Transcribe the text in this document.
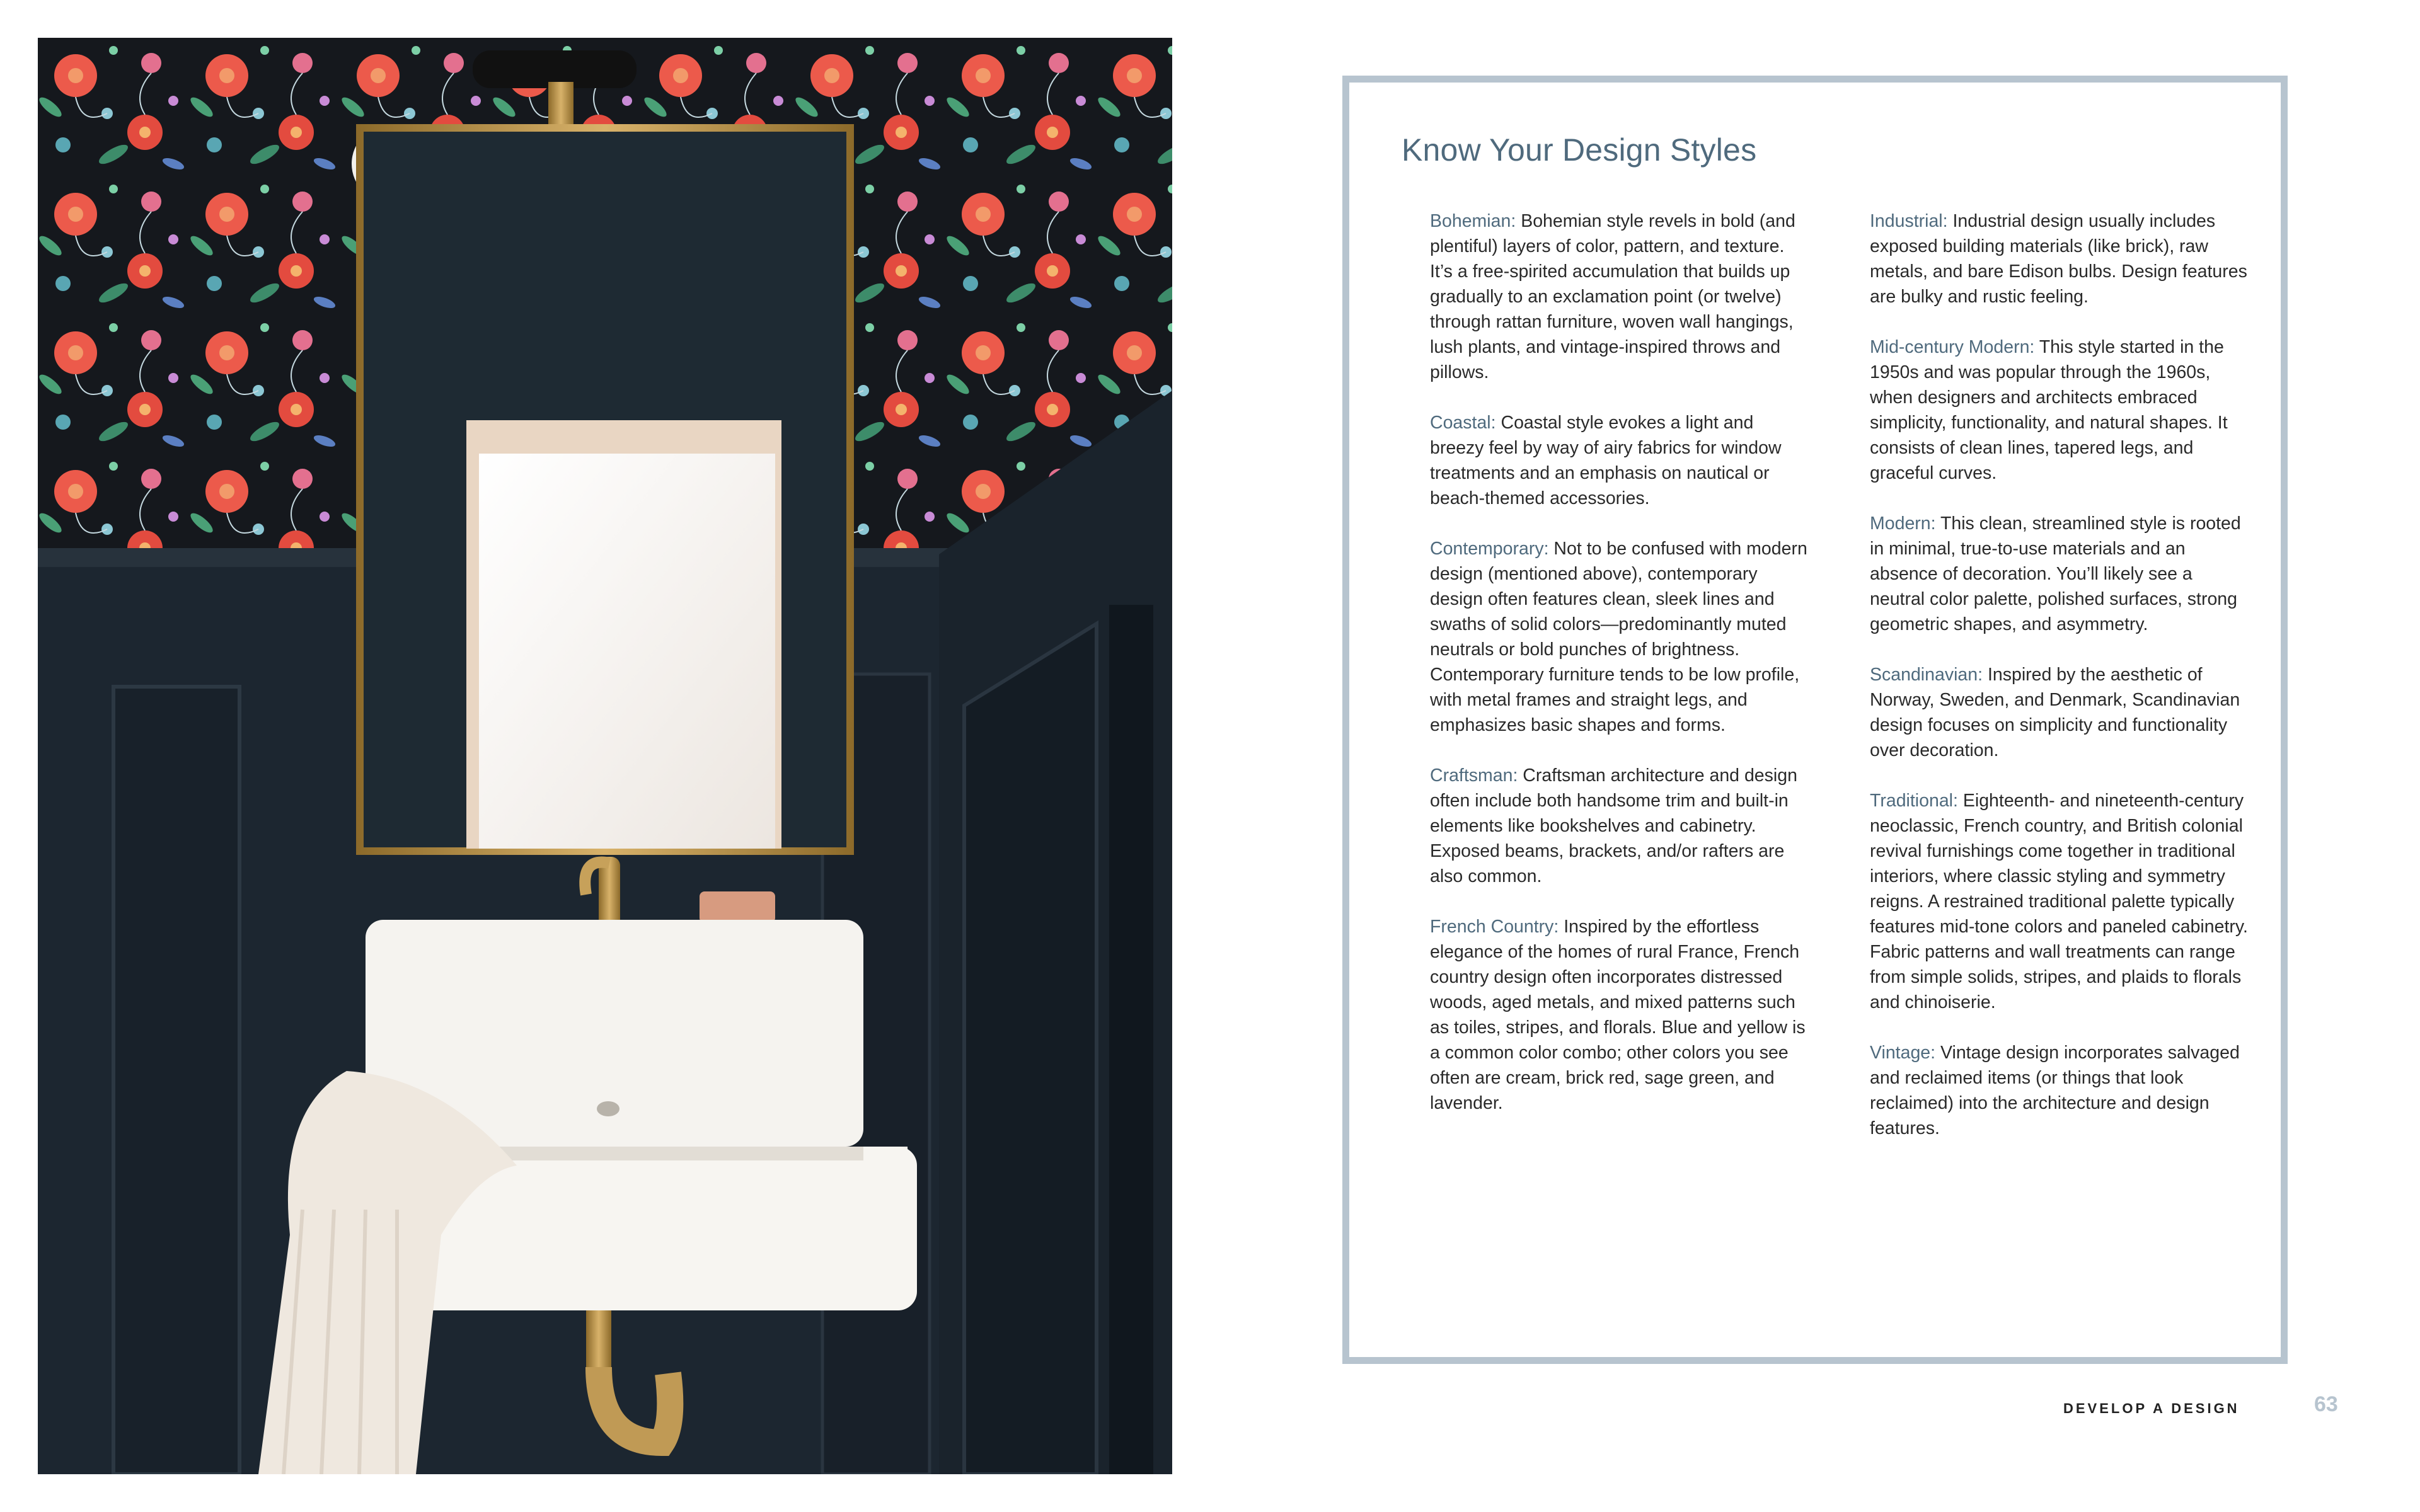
Know Your Design Styles

Bohemian: Bohemian style revels in bold (and plentiful) layers of color, pattern, and texture. It’s a free-spirited accumulation that builds up gradually to an exclamation point (or twelve) through rattan furniture, woven wall hangings, lush plants, and vintage-inspired throws and pillows.

Coastal: Coastal style evokes a light and breezy feel by way of airy fabrics for window treatments and an emphasis on nautical or beach-themed accessories.

Contemporary: Not to be confused with modern design (mentioned above), contemporary design often features clean, sleek lines and swaths of solid colors—predominantly muted neutrals or bold punches of brightness. Contemporary furniture tends to be low profile, with metal frames and straight legs, and emphasizes basic shapes and forms.

Craftsman: Craftsman architecture and design often include both handsome trim and built-in elements like bookshelves and cabinetry. Exposed beams, brackets, and/or rafters are also common.

French Country: Inspired by the effortless elegance of the homes of rural France, French country design often incorporates distressed woods, aged metals, and mixed patterns such as toiles, stripes, and florals. Blue and yellow is a common color combo; other colors you see often are cream, brick red, sage green, and lavender.

Industrial: Industrial design usually includes exposed building materials (like brick), raw metals, and bare Edison bulbs. Design features are bulky and rustic feeling.

Mid-century Modern: This style started in the 1950s and was popular through the 1960s, when designers and architects embraced simplicity, functionality, and natural shapes. It consists of clean lines, tapered legs, and graceful curves.

Modern: This clean, streamlined style is rooted in minimal, true-to-use materials and an absence of decoration. You’ll likely see a neutral color palette, polished surfaces, strong geometric shapes, and asymmetry.

Scandinavian: Inspired by the aesthetic of Norway, Sweden, and Denmark, Scandinavian design focuses on simplicity and functionality over decoration.

Traditional: Eighteenth- and nineteenth-century neoclassic, French country, and British colonial revival furnishings come together in traditional interiors, where classic styling and symmetry reigns. A restrained traditional palette typically features mid-tone colors and paneled cabinetry. Fabric patterns and wall treatments can range from simple solids, stripes, and plaids to florals and chinoiserie.

Vintage: Vintage design incorporates salvaged and reclaimed items (or things that look reclaimed) into the architecture and design features.

DEVELOP A DESIGN	63
